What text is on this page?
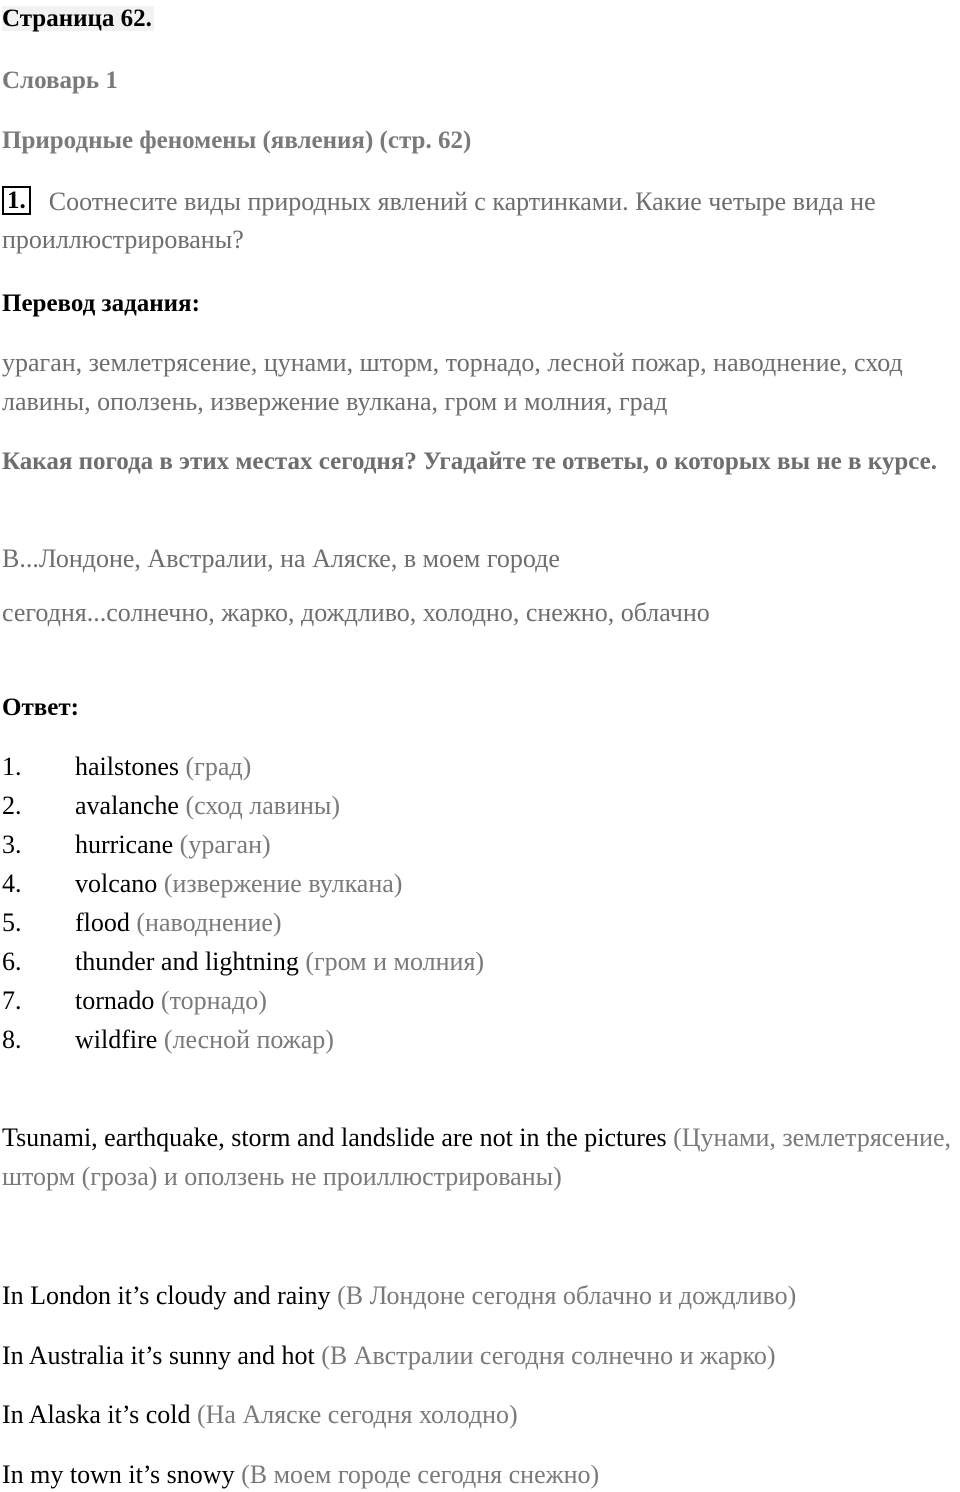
Страница 62.
Словарь 1
Природные феномены (явления) (стр. 62)
1. Соотнесите виды природных явлений с картинками. Какие четыре вида не проиллюстрированы?
Перевод задания:
ураган, землетрясение, цунами, шторм, торнадо, лесной пожар, наводнение, сход лавины, оползень, извержение вулкана, гром и молния, град
Какая погода в этих местах сегодня? Угадайте те ответы, о которых вы не в курсе.
В...Лондоне, Австралии, на Аляске, в моем городе
сегодня...солнечно, жарко, дождливо, холодно, снежно, облачно
Ответ:
1. hailstones (град)
2. avalanche (сход лавины)
3. hurricane (ураган)
4. volcano (извержение вулкана)
5. flood (наводнение)
6. thunder and lightning (гром и молния)
7. tornado (торнадо)
8. wildfire (лесной пожар)
Tsunami, earthquake, storm and landslide are not in the pictures (Цунами, землетрясение, шторм (гроза) и оползень не проиллюстрированы)
In London it’s cloudy and rainy (В Лондоне сегодня облачно и дождливо)
In Australia it’s sunny and hot (В Австралии сегодня солнечно и жарко)
In Alaska it’s cold (На Аляске сегодня холодно)
In my town it’s snowy (В моем городе сегодня снежно)
